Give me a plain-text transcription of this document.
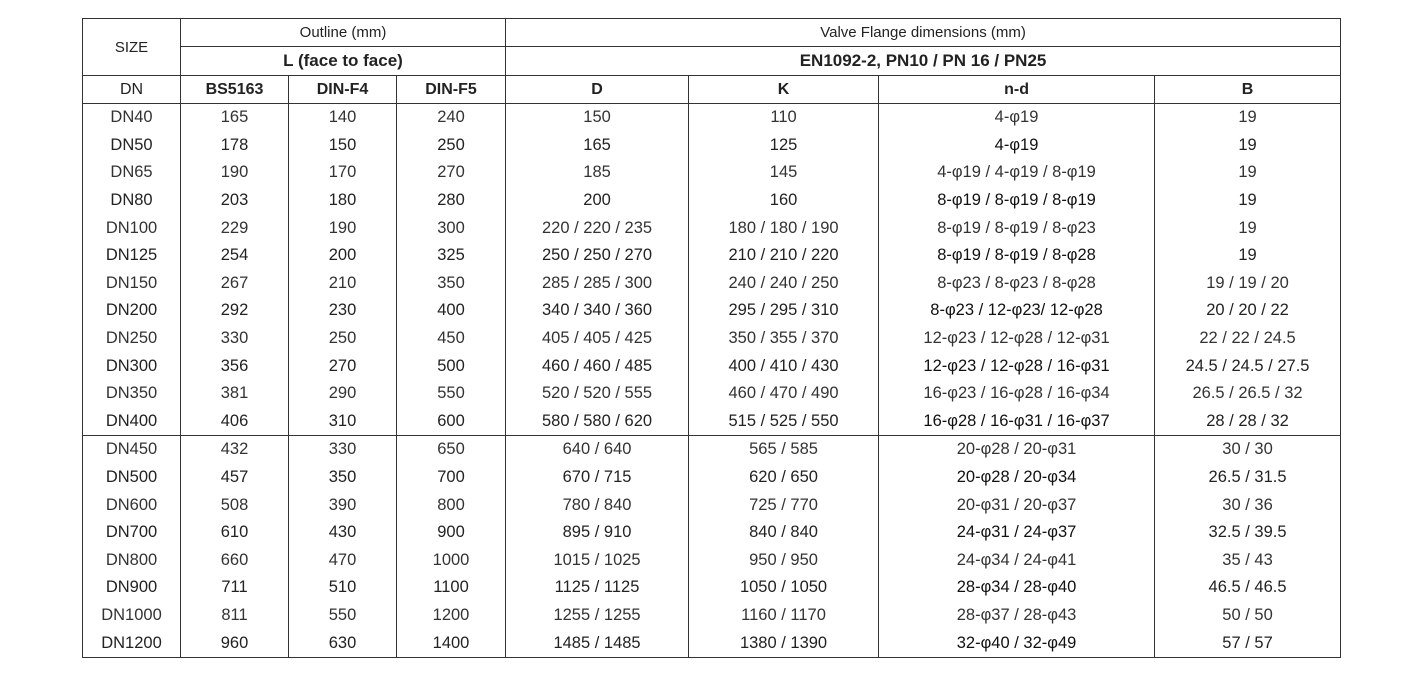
SIZE	Outline (mm)			Valve Flange dimensions (mm)			
	L (face to face)			EN1092-2, PN10 / PN 16 / PN25			
DN	BS5163	DIN-F4	DIN-F5	D	K	n-d	B
DN40	165	140	240	150	110	4-φ19	19
DN50	178	150	250	165	125	4-φ19	19
DN65	190	170	270	185	145	4-φ19 / 4-φ19 / 8-φ19	19
DN80	203	180	280	200	160	8-φ19 / 8-φ19 / 8-φ19	19
DN100	229	190	300	220 / 220 / 235	180 / 180 / 190	8-φ19 / 8-φ19 / 8-φ23	19
DN125	254	200	325	250 / 250 / 270	210 / 210 / 220	8-φ19 / 8-φ19 / 8-φ28	19
DN150	267	210	350	285 / 285 / 300	240 / 240 / 250	8-φ23 / 8-φ23 / 8-φ28	19 / 19 / 20
DN200	292	230	400	340 / 340 / 360	295 / 295 / 310	8-φ23 / 12-φ23/ 12-φ28	20 / 20 / 22
DN250	330	250	450	405 / 405 / 425	350 / 355 / 370	12-φ23 / 12-φ28 / 12-φ31	22 / 22 / 24.5
DN300	356	270	500	460 / 460 / 485	400 / 410 / 430	12-φ23 / 12-φ28 / 16-φ31	24.5 / 24.5 / 27.5
DN350	381	290	550	520 / 520 / 555	460 / 470 / 490	16-φ23 / 16-φ28 / 16-φ34	26.5 / 26.5 / 32
DN400	406	310	600	580 / 580 / 620	515 / 525 / 550	16-φ28 / 16-φ31 / 16-φ37	28 / 28 / 32
DN450	432	330	650	640 / 640	565 / 585	20-φ28 / 20-φ31	30 / 30
DN500	457	350	700	670 / 715	620 / 650	20-φ28 / 20-φ34	26.5 / 31.5
DN600	508	390	800	780 / 840	725 / 770	20-φ31 / 20-φ37	30 / 36
DN700	610	430	900	895 / 910	840 / 840	24-φ31 / 24-φ37	32.5 / 39.5
DN800	660	470	1000	1015 / 1025	950 / 950	24-φ34 / 24-φ41	35 / 43
DN900	711	510	1100	1125 / 1125	1050 / 1050	28-φ34 / 28-φ40	46.5 / 46.5
DN1000	811	550	1200	1255 / 1255	1160 / 1170	28-φ37 / 28-φ43	50 / 50
DN1200	960	630	1400	1485 / 1485	1380 / 1390	32-φ40 / 32-φ49	57 / 57
